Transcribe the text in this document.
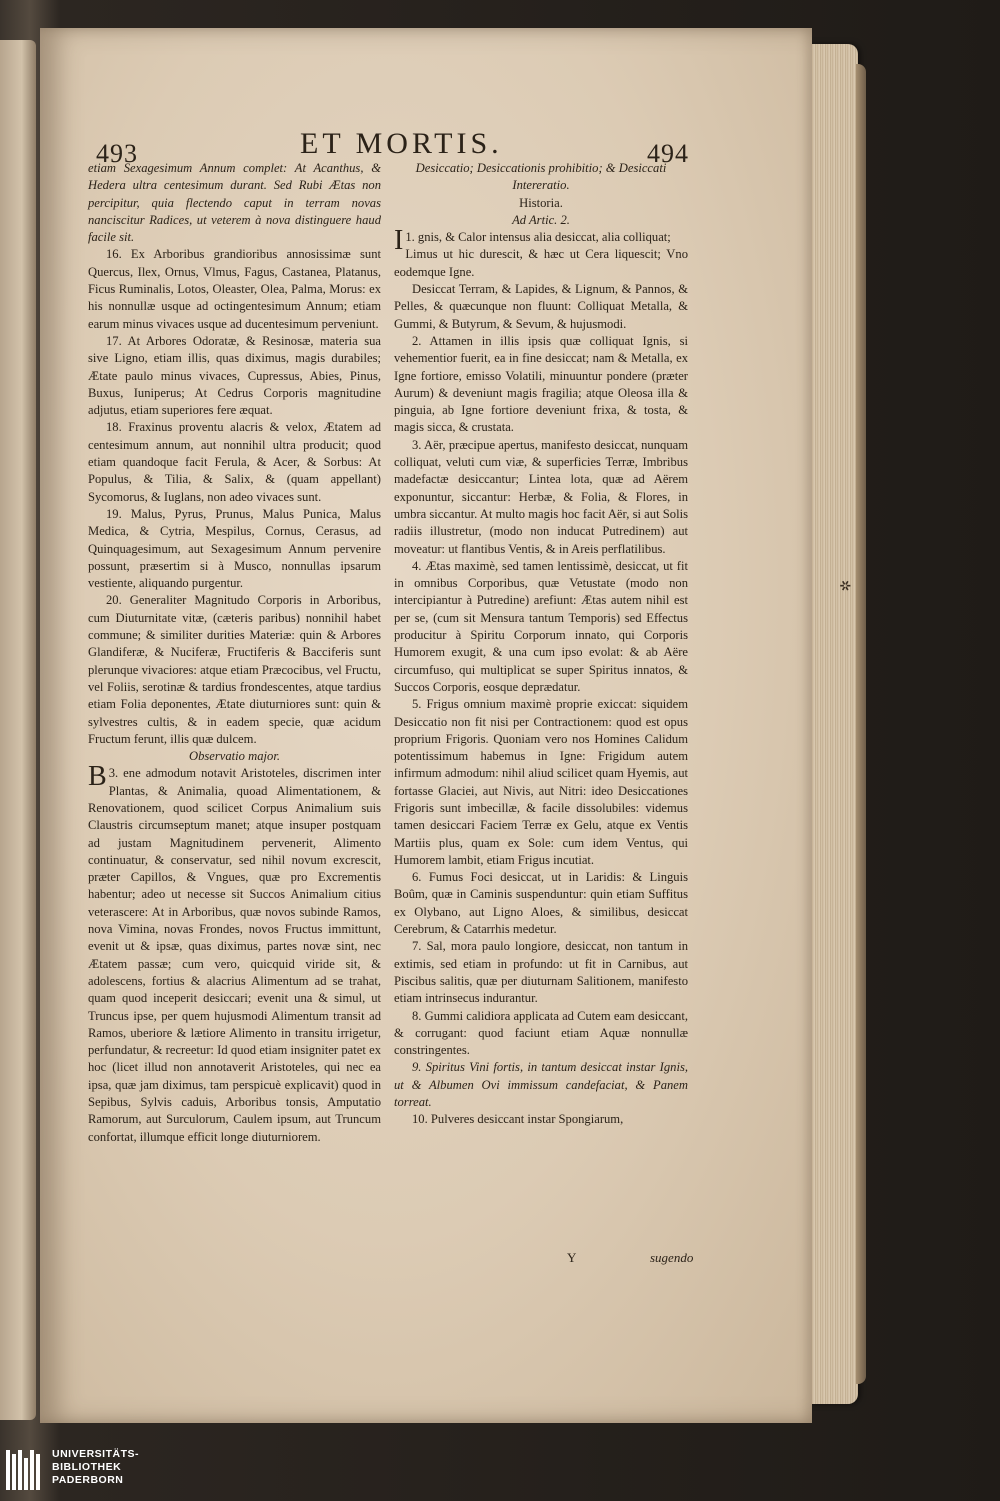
493	ET MORTIS.	494

etiam Sexagesimum Annum complet: At Acanthus, & Hedera ultra centesimum durant. Sed Rubi Ætas non percipitur, quia flectendo caput in terram novas nanciscitur Radices, ut veterem à nova distinguere haud facile sit.

16. Ex Arboribus grandioribus annosissimæ sunt Quercus, Ilex, Ornus, Vlmus, Fagus, Castanea, Platanus, Ficus Ruminalis, Lotos, Oleaster, Olea, Palma, Morus: ex his nonnullæ usque ad octingentesimum Annum; etiam earum minus vivaces usque ad ducentesimum perveniunt.

17. At Arbores Odoratæ, & Resinosæ, materia sua sive Ligno, etiam illis, quas diximus, magis durabiles; Ætate paulo minus vivaces, Cupressus, Abies, Pinus, Buxus, Iuniperus; At Cedrus Corporis magnitudine adjutus, etiam superiores fere æquat.

18. Fraxinus proventu alacris & velox, Ætatem ad centesimum annum, aut nonnihil ultra producit; quod etiam quandoque facit Ferula, & Acer, & Sorbus: At Populus, & Tilia, & Salix, & (quam appellant) Sycomorus, & Iuglans, non adeo vivaces sunt.

19. Malus, Pyrus, Prunus, Malus Punica, Malus Medica, & Cytria, Mespilus, Cornus, Cerasus, ad Quinquagesimum, aut Sexagesimum Annum pervenire possunt, præsertim si à Musco, nonnullas ipsarum vestiente, aliquando purgentur.

20. Generaliter Magnitudo Corporis in Arboribus, cum Diuturnitate vitæ, (cæteris paribus) nonnihil habet commune; & similiter durities Materiæ: quin & Arbores Glandiferæ, & Nuciferæ, Fructiferis & Bacciferis sunt plerunque vivaciores: atque etiam Præcocibus, vel Fructu, vel Foliis, serotinæ & tardius frondescentes, atque tardius etiam Folia deponentes, Ætate diuturniores sunt: quin & sylvestres cultis, & in eadem specie, quæ acidum Fructum ferunt, illis quæ dulcem.

Observatio major.

B 3. ene admodum notavit Aristoteles, discrimen inter Plantas, & Animalia, quoad Alimentationem, & Renovationem, quod scilicet Corpus Animalium suis Claustris circumseptum manet; atque insuper postquam ad justam Magnitudinem pervenerit, Alimento continuatur, & conservatur, sed nihil novum excrescit, præter Capillos, & Vngues, quæ pro Excrementis habentur; adeo ut necesse sit Succos Animalium citius veterascere: At in Arboribus, quæ novos subinde Ramos, nova Vimina, novas Frondes, novos Fructus immittunt, evenit ut & ipsæ, quas diximus, partes novæ sint, nec Ætatem passæ; cum vero, quicquid viride sit, & adolescens, fortius & alacrius Alimentum ad se trahat, quam quod inceperit desiccari; evenit una & simul, ut Truncus ipse, per quem hujusmodi Alimentum transit ad Ramos, uberiore & lætiore Alimento in transitu irrigetur, perfundatur, & recreetur: Id quod etiam insigniter patet ex hoc (licet illud non annotaverit Aristoteles, qui nec ea ipsa, quæ jam diximus, tam perspicuè explicavit) quod in Sepibus, Sylvis caduis, Arboribus tonsis, Amputatio Ramorum, aut Surculorum, Caulem ipsum, aut Truncum confortat, illumque efficit longe diuturniorem.

Desiccatio; Desiccationis prohibitio; & Desiccati Intereratio.

Historia.

Ad Artic. 2.

I 1. gnis, & Calor intensus alia desiccat, alia colliquat;

Limus ut hic durescit, & hæc ut Cera liquescit; Vno eodemque Igne.

Desiccat Terram, & Lapides, & Lignum, & Pannos, & Pelles, & quæcunque non fluunt: Colliquat Metalla, & Gummi, & Butyrum, & Sevum, & hujusmodi.

2. Attamen in illis ipsis quæ colliquat Ignis, si vehementior fuerit, ea in fine desiccat; nam & Metalla, ex Igne fortiore, emisso Volatili, minuuntur pondere (præter Aurum) & deveniunt magis fragilia; atque Oleosa illa & pinguia, ab Igne fortiore deveniunt frixa, & tosta, & magis sicca, & crustata.

3. Aër, præcipue apertus, manifesto desiccat, nunquam colliquat, veluti cum viæ, & superficies Terræ, Imbribus madefactæ desiccantur; Lintea lota, quæ ad Aërem exponuntur, siccantur: Herbæ, & Folia, & Flores, in umbra siccantur. At multo magis hoc facit Aër, si aut Solis radiis illustretur, (modo non inducat Putredinem) aut moveatur: ut flantibus Ventis, & in Areis perflatilibus.

4. Ætas maximè, sed tamen lentissimè, desiccat, ut fit in omnibus Corporibus, quæ Vetustate (modo non intercipiantur à Putredine) arefiunt: Ætas autem nihil est per se, (cum sit Mensura tantum Temporis) sed Effectus producitur à Spiritu Corporum innato, qui Corporis Humorem exugit, & una cum ipso evolat: & ab Aëre circumfuso, qui multiplicat se super Spiritus innatos, & Succos Corporis, eosque deprædatur.

5. Frigus omnium maximè proprie exiccat: siquidem Desiccatio non fit nisi per Contractionem: quod est opus proprium Frigoris. Quoniam vero nos Homines Calidum potentissimum habemus in Igne: Frigidum autem infirmum admodum: nihil aliud scilicet quam Hyemis, aut fortasse Glaciei, aut Nivis, aut Nitri: ideo Desiccationes Frigoris sunt imbecillæ, & facile dissolubiles: videmus tamen desiccari Faciem Terræ ex Gelu, atque ex Ventis Martiis plus, quam ex Sole: cum idem Ventus, qui Humorem lambit, etiam Frigus incutiat.

6. Fumus Foci desiccat, ut in Laridis: & Linguis Boûm, quæ in Caminis suspenduntur: quin etiam Suffitus ex Olybano, aut Ligno Aloes, & similibus, desiccat Cerebrum, & Catarrhis medetur.

7. Sal, mora paulo longiore, desiccat, non tantum in extimis, sed etiam in profundo: ut fit in Carnibus, aut Piscibus salitis, quæ per diuturnam Salitionem, manifesto etiam intrinsecus indurantur.

8. Gummi calidiora applicata ad Cutem eam desiccant, & corrugant: quod faciunt etiam Aquæ nonnullæ constringentes.

9. Spiritus Vini fortis, in tantum desiccat instar Ignis, ut & Albumen Ovi immissum candefaciat, & Panem torreat.

10. Pulveres desiccant instar Spongiarum,

Y	sugendo
✲
UNIVERSITÄTS-
BIBLIOTHEK
PADERBORN
